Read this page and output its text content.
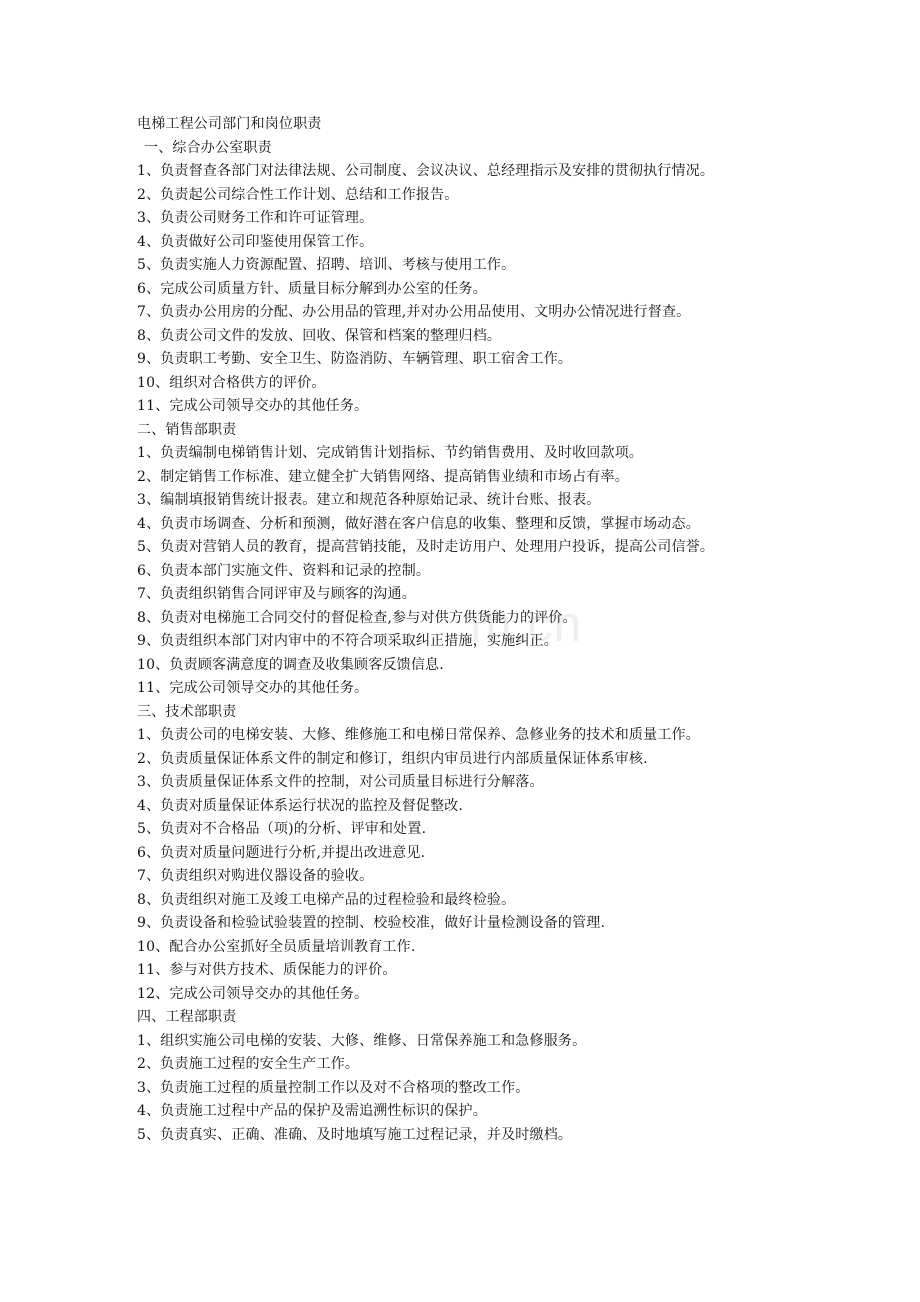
m.cn
电梯工程公司部门和岗位职责
一、综合办公室职责
1、负责督查各部门对法律法规、公司制度、会议决议、总经理指示及安排的贯彻执行情况。
2、负责起公司综合性工作计划、总结和工作报告。
3、负责公司财务工作和许可证管理。
4、负责做好公司印鉴使用保管工作。
5、负责实施人力资源配置、招聘、培训、考核与使用工作。
6、完成公司质量方针、质量目标分解到办公室的任务。
7、负责办公用房的分配、办公用品的管理,并对办公用品使用、文明办公情况进行督查。
8、负责公司文件的发放、回收、保管和档案的整理归档。
9、负责职工考勤、安全卫生、防盗消防、车辆管理、职工宿舍工作。
10、组织对合格供方的评价。
11、完成公司领导交办的其他任务。
二、销售部职责
1、负责编制电梯销售计划、完成销售计划指标、节约销售费用、及时收回款项。
2、制定销售工作标准、建立健全扩大销售网络、提高销售业绩和市场占有率。
3、编制填报销售统计报表。建立和规范各种原始记录、统计台账、报表。
4、负责市场调查、分析和预测，做好潜在客户信息的收集、整理和反馈，掌握市场动态。
5、负责对营销人员的教育，提高营销技能，及时走访用户、处理用户投诉，提高公司信誉。
6、负责本部门实施文件、资料和记录的控制。
7、负责组织销售合同评审及与顾客的沟通。
8、负责对电梯施工合同交付的督促检查,参与对供方供货能力的评价。
9、负责组织本部门对内审中的不符合项采取纠正措施，实施纠正。
10、负责顾客满意度的调查及收集顾客反馈信息.
11、完成公司领导交办的其他任务。
三、技术部职责
1、负责公司的电梯安装、大修、维修施工和电梯日常保养、急修业务的技术和质量工作。
2、负责质量保证体系文件的制定和修订，组织内审员进行内部质量保证体系审核.
3、负责质量保证体系文件的控制，对公司质量目标进行分解落。
4、负责对质量保证体系运行状况的监控及督促整改.
5、负责对不合格品（项)的分析、评审和处置.
6、负责对质量问题进行分析,并提出改进意见.
7、负责组织对购进仪器设备的验收。
8、负责组织对施工及竣工电梯产品的过程检验和最终检验。
9、负责设备和检验试验装置的控制、校验校准，做好计量检测设备的管理.
10、配合办公室抓好全员质量培训教育工作.
11、参与对供方技术、质保能力的评价。
12、完成公司领导交办的其他任务。
四、工程部职责
1、组织实施公司电梯的安装、大修、维修、日常保养施工和急修服务。
2、负责施工过程的安全生产工作。
3、负责施工过程的质量控制工作以及对不合格项的整改工作。
4、负责施工过程中产品的保护及需追溯性标识的保护。
5、负责真实、正确、准确、及时地填写施工过程记录，并及时缴档。
